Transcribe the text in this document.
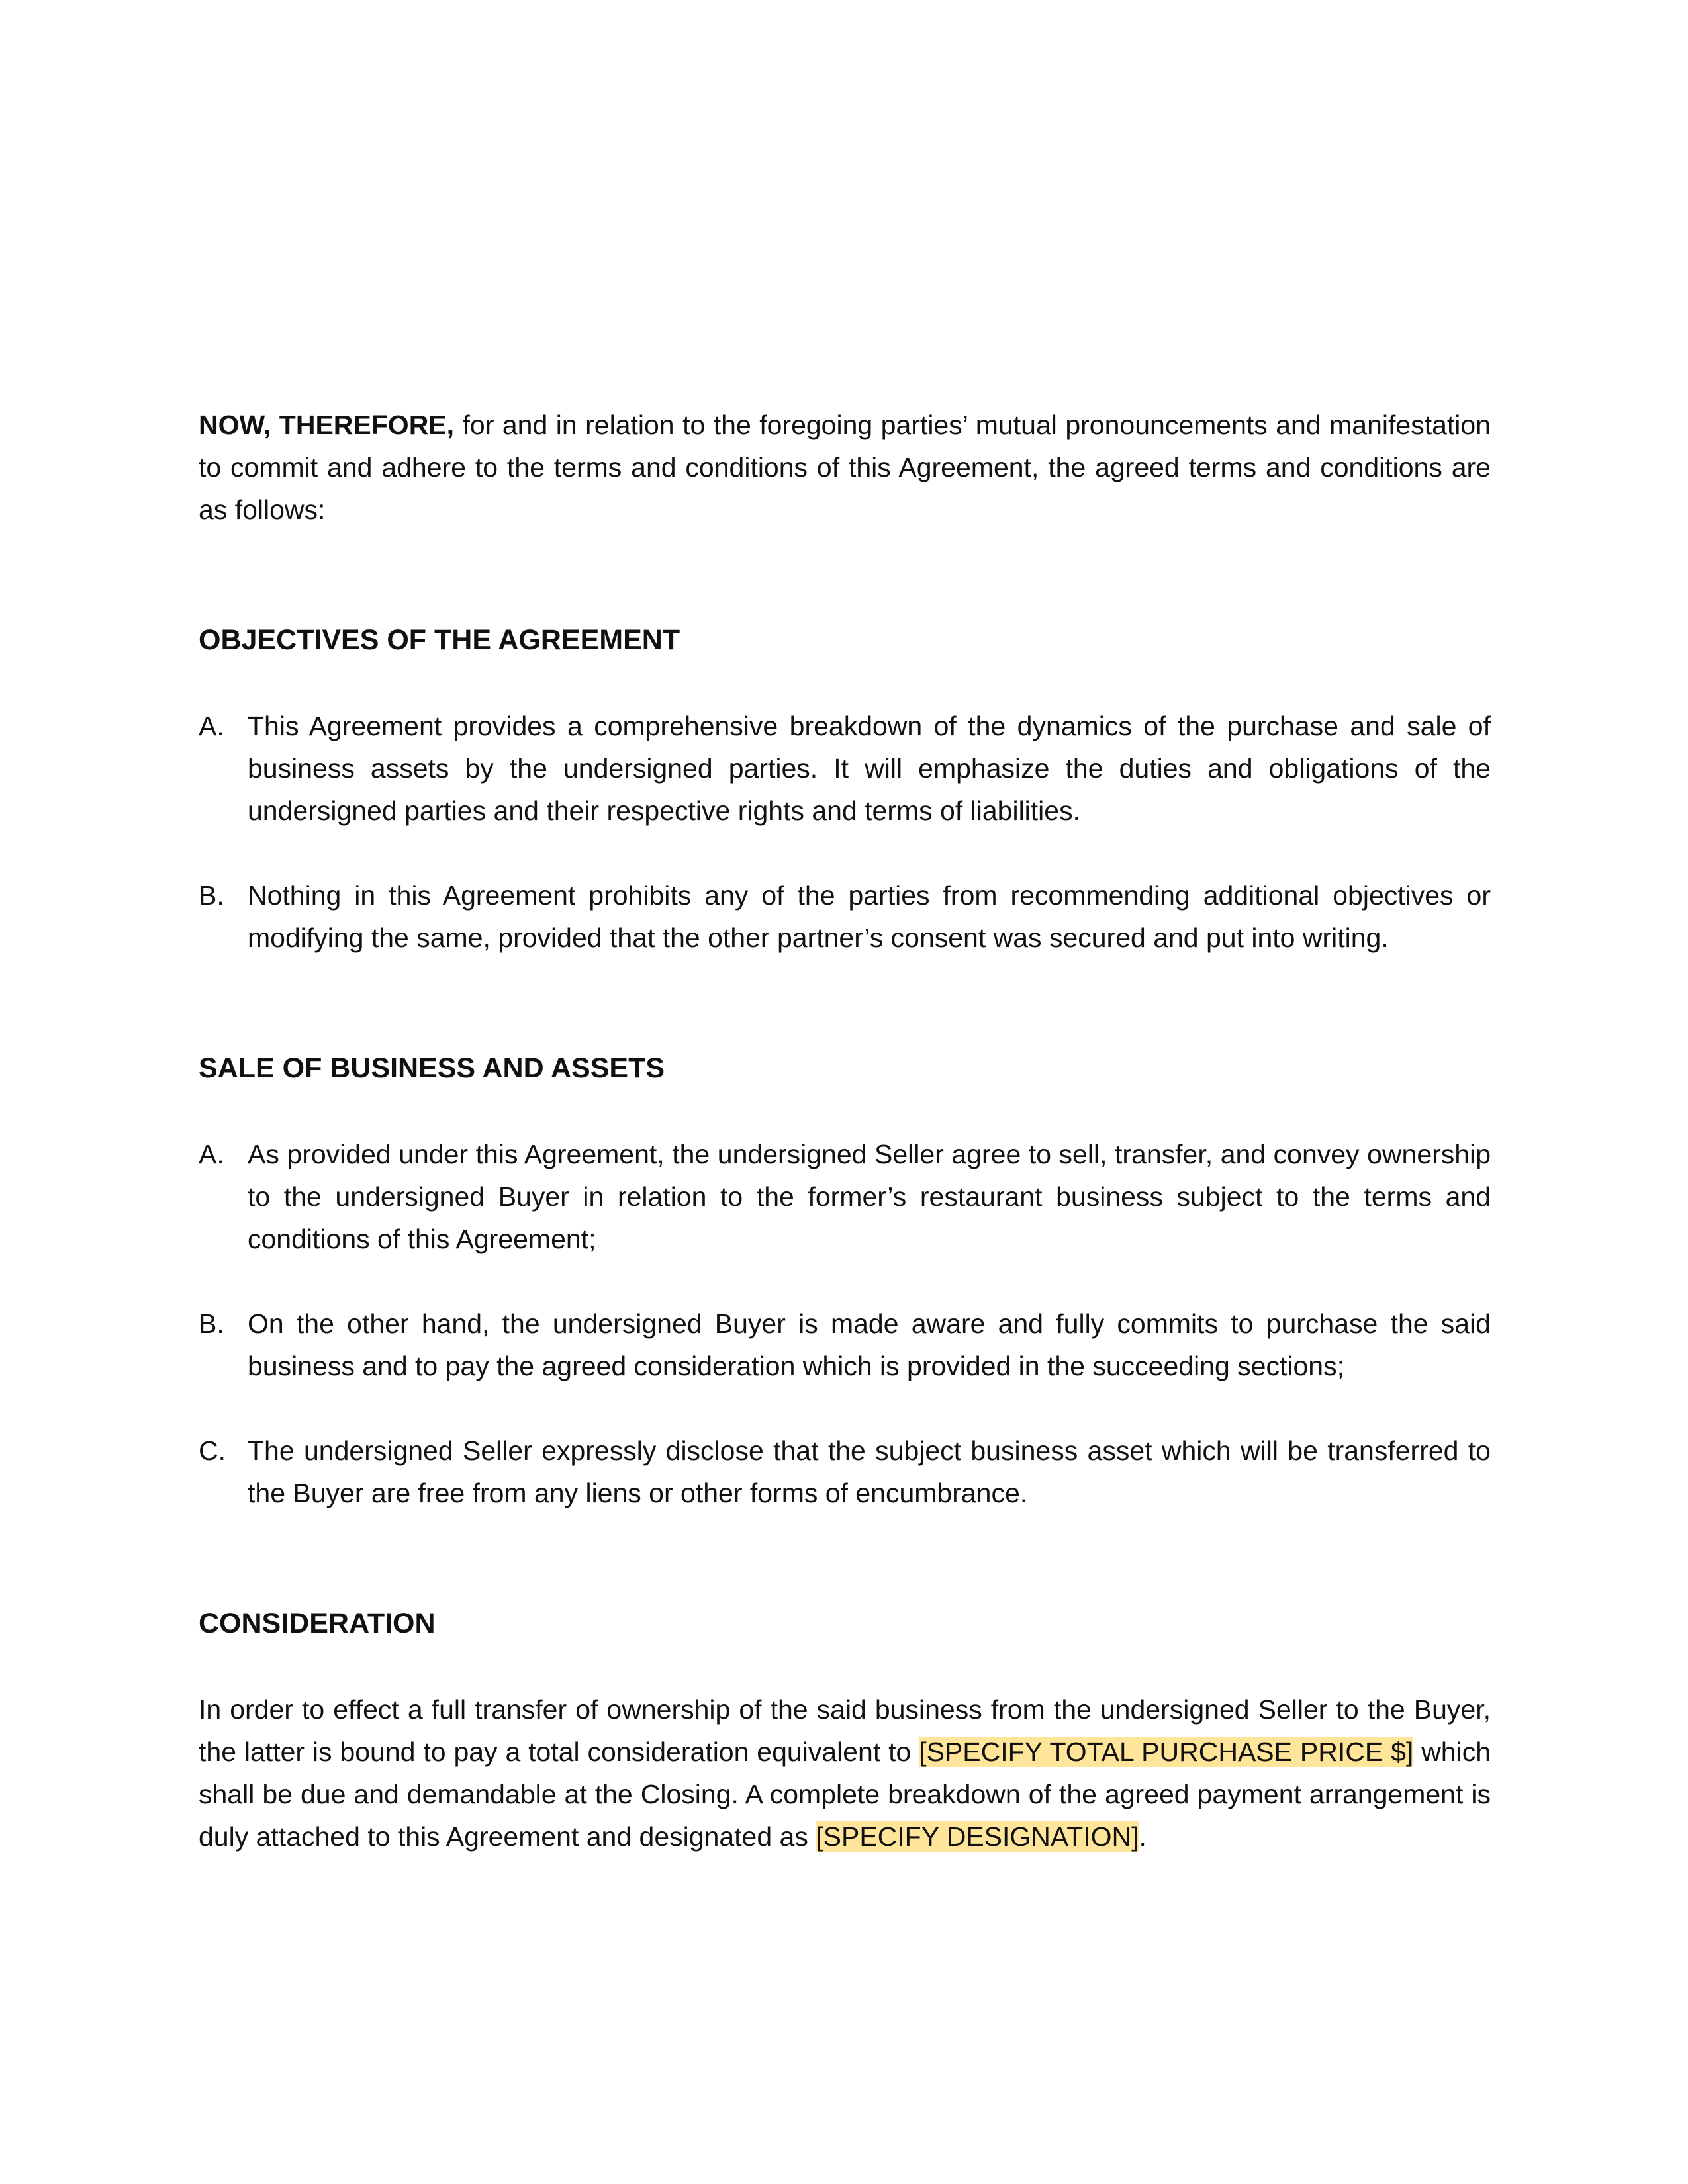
NOW, THEREFORE, for and in relation to the foregoing parties’ mutual pronouncements and manifestation to commit and adhere to the terms and conditions of this Agreement, the agreed terms and conditions are as follows:

OBJECTIVES OF THE AGREEMENT
A. This Agreement provides a comprehensive breakdown of the dynamics of the purchase and sale of business assets by the undersigned parties. It will emphasize the duties and obligations of the undersigned parties and their respective rights and terms of liabilities.
B. Nothing in this Agreement prohibits any of the parties from recommending additional objectives or modifying the same, provided that the other partner’s consent was secured and put into writing.
SALE OF BUSINESS AND ASSETS
A. As provided under this Agreement, the undersigned Seller agree to sell, transfer, and convey ownership to the undersigned Buyer in relation to the former’s restaurant business subject to the terms and conditions of this Agreement;
B. On the other hand, the undersigned Buyer is made aware and fully commits to purchase the said business and to pay the agreed consideration which is provided in the succeeding sections;
C. The undersigned Seller expressly disclose that the subject business asset which will be transferred to the Buyer are free from any liens or other forms of encumbrance.
CONSIDERATION

In order to effect a full transfer of ownership of the said business from the undersigned Seller to the Buyer, the latter is bound to pay a total consideration equivalent to [SPECIFY TOTAL PURCHASE PRICE $] which shall be due and demandable at the Closing. A complete breakdown of the agreed payment arrangement is duly attached to this Agreement and designated as [SPECIFY DESIGNATION].
